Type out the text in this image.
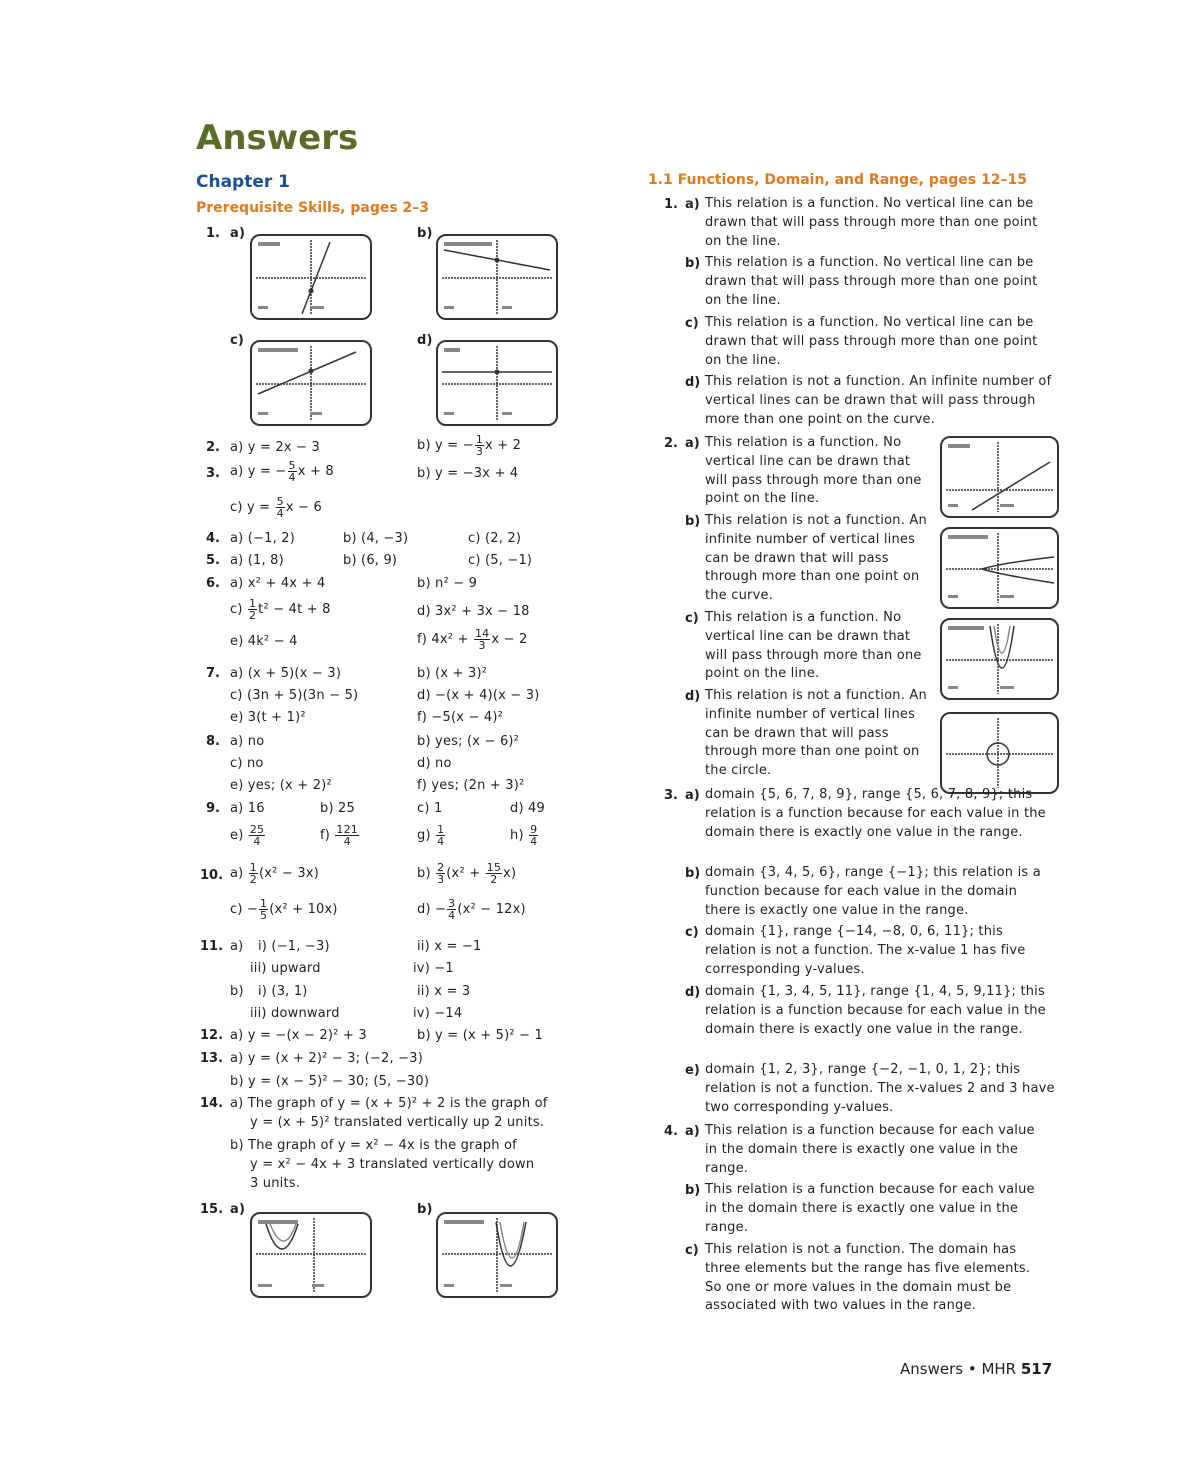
Answers
Chapter 1
Prerequisite Skills, pages 2–3
1.1 Functions, Domain, and Range, pages 12–15
1. a)	b)
c)	d)
2. a) y = 2x − 3	b) y = − $\frac{1}{3}$ x + 2
3. a) y = − $\frac{5}{4}$ x + 8	b) y = −3x + 4
c) $y = \frac{5}{4}$ x − 6
4. a) (−1, 2)	b) (4, −3)	c) (2, 2)
5. a) (1, 8)	b) (6, 9)	c) (5, −1)
6. a) x² + 4x + 4	b) n² − 9
$c) \frac{1}{2} t^2 - 4t + 8$	d) 3x² + 3x − 18
e) 4k² − 4	f) $4x^2 + \frac{14}{3}$ x − 2
7. a) (x + 5)(x − 3)	b) (x + 3)²
c) (3n + 5)(3n − 5)	d) −(x + 4)(x − 3)
e) 3(t + 1)²	f) −5(x − 4)²
8. a) no	b) yes; (x − 6)²
c) no	d) no
e) yes; (x + 2)²	f) yes; (2n + 3)²
9. a) 16	b) 25	c) 1	d) 49
$e) \frac{25}{4}$	$f) \frac{121}{4}$	$g) \frac{1}{4}$	$h) \frac{9}{4}$
10. $a) \frac{1}{2} (x^2 - 3x)$	$b) \frac{2}{3} (x^2 + \frac{15}{2} x)$
$c) - \frac{1}{5} (x^2 + 10x)$	$d) - \frac{3}{4} (x^2 - 12x)$
11. a) i) (−1, −3)	ii) x = −1
iii) upward	iv) −1
b) i) (3, 1)	ii) x = 3
iii) downward	iv) −14
12. a) y = −(x − 2)² + 3	b) y = (x + 5)² − 1
13. a) y = (x + 2)² − 3; (−2, −3)
b) y = (x − 5)² − 30; (5, −30)
14. a) The graph of y = (x + 5)² + 2 is the graph of
y = (x + 5)² translated vertically up 2 units.
b) The graph of y = x² − 4x is the graph of
y = x² − 4x + 3 translated vertically down
3 units.
15. a)	b)
1. a) This relation is a function. No vertical line can be drawn that will pass through more than one point on the line.
b) This relation is a function. No vertical line can be drawn that will pass through more than one point on the line.
c) This relation is a function. No vertical line can be drawn that will pass through more than one point on the line.
d) This relation is not a function. An infinite number of vertical lines can be drawn that will pass through more than one point on the curve.
2. a) This relation is a function. No vertical line can be drawn that will pass through more than one point on the line.
b) This relation is not a function. An infinite number of vertical lines can be drawn that will pass through more than one point on the curve.
c) This relation is a function. No vertical line can be drawn that will pass through more than one point on the line.
d) This relation is not a function. An infinite number of vertical lines can be drawn that will pass through more than one point on the circle.
3. a) domain {5, 6, 7, 8, 9}, range {5, 6, 7, 8, 9}; this relation is a function because for each value in the domain there is exactly one value in the range.
b) domain {3, 4, 5, 6}, range {−1}; this relation is a function because for each value in the domain there is exactly one value in the range.
c) domain {1}, range {−14, −8, 0, 6, 11}; this relation is not a function. The x-value 1 has five corresponding y-values.
d) domain {1, 3, 4, 5, 11}, range {1, 4, 5, 9,11}; this relation is a function because for each value in the domain there is exactly one value in the range.
e) domain {1, 2, 3}, range {−2, −1, 0, 1, 2}; this relation is not a function. The x-values 2 and 3 have two corresponding y-values.
4. a) This relation is a function because for each value in the domain there is exactly one value in the range.
b) This relation is a function because for each value in the domain there is exactly one value in the range.
c) This relation is not a function. The domain has three elements but the range has five elements. So one or more values in the domain must be associated with two values in the range.
Answers • MHR 517
